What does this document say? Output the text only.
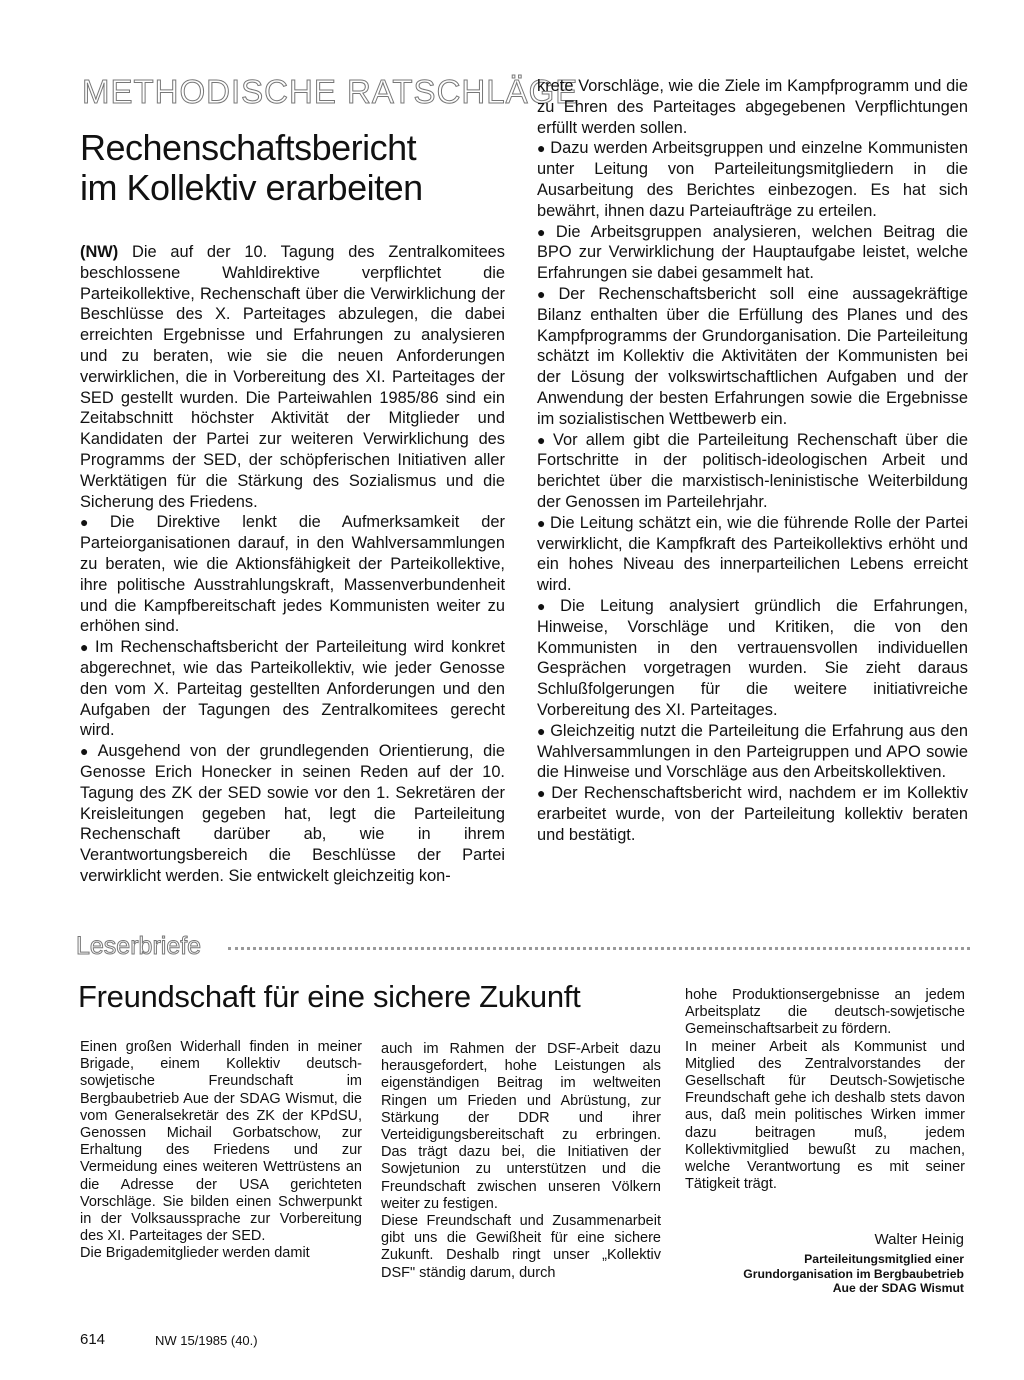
METHODISCHE RATSCHLÄGE
Rechenschaftsbericht
im Kollektiv erarbeiten

(NW) Die auf der 10. Tagung des Zentralkomitees beschlossene Wahldirektive verpflichtet die Parteikollektive, Rechenschaft über die Verwirklichung der Beschlüsse des X. Parteitages abzulegen, die dabei erreichten Ergebnisse und Erfahrungen zu analysieren und zu beraten, wie sie die neuen Anforderungen verwirklichen, die in Vorbereitung des XI. Parteitages der SED gestellt wurden. Die Parteiwahlen 1985/86 sind ein Zeitabschnitt höchster Aktivität der Mitglieder und Kandidaten der Partei zur weiteren Verwirklichung des Programms der SED, der schöpferischen Initiativen aller Werktätigen für die Stärkung des Sozialismus und die Sicherung des Friedens.

● Die Direktive lenkt die Aufmerksamkeit der Parteiorganisationen darauf, in den Wahlversammlungen zu beraten, wie die Aktionsfähigkeit der Parteikollektive, ihre politische Ausstrahlungskraft, Massenverbundenheit und die Kampfbereitschaft jedes Kommunisten weiter zu erhöhen sind.

● Im Rechenschaftsbericht der Parteileitung wird konkret abgerechnet, wie das Parteikollektiv, wie jeder Genosse den vom X. Parteitag gestellten Anforderungen und den Aufgaben der Tagungen des Zentralkomitees gerecht wird.

● Ausgehend von der grundlegenden Orientierung, die Genosse Erich Honecker in seinen Reden auf der 10. Tagung des ZK der SED sowie vor den 1. Sekretären der Kreisleitungen gegeben hat, legt die Parteileitung Rechenschaft darüber ab, wie in ihrem Verantwortungsbereich die Beschlüsse der Partei verwirklicht werden. Sie entwickelt gleichzeitig kon-

krete Vorschläge, wie die Ziele im Kampfprogramm und die zu Ehren des Parteitages abgegebenen Verpflichtungen erfüllt werden sollen.

● Dazu werden Arbeitsgruppen und einzelne Kommunisten unter Leitung von Parteileitungsmitgliedern in die Ausarbeitung des Berichtes einbezogen. Es hat sich bewährt, ihnen dazu Parteiaufträge zu erteilen.

● Die Arbeitsgruppen analysieren, welchen Beitrag die BPO zur Verwirklichung der Hauptaufgabe leistet, welche Erfahrungen sie dabei gesammelt hat.

● Der Rechenschaftsbericht soll eine aussagekräftige Bilanz enthalten über die Erfüllung des Planes und des Kampfprogramms der Grundorganisation. Die Parteileitung schätzt im Kollektiv die Aktivitäten der Kommunisten bei der Lösung der volkswirtschaftlichen Aufgaben und der Anwendung der besten Erfahrungen sowie die Ergebnisse im sozialistischen Wettbewerb ein.

● Vor allem gibt die Parteileitung Rechenschaft über die Fortschritte in der politisch-ideologischen Arbeit und berichtet über die marxistisch-leninistische Weiterbildung der Genossen im Parteilehrjahr.

● Die Leitung schätzt ein, wie die führende Rolle der Partei verwirklicht, die Kampfkraft des Parteikollektivs erhöht und ein hohes Niveau des innerparteilichen Lebens erreicht wird.

● Die Leitung analysiert gründlich die Erfahrungen, Hinweise, Vorschläge und Kritiken, die von den Kommunisten in den vertrauensvollen individuellen Gesprächen vorgetragen wurden. Sie zieht daraus Schlußfolgerungen für die weitere initiativreiche Vorbereitung des XI. Parteitages.

● Gleichzeitig nutzt die Parteileitung die Erfahrung aus den Wahlversammlungen in den Parteigruppen und APO sowie die Hinweise und Vorschläge aus den Arbeitskollektiven.

● Der Rechenschaftsbericht wird, nachdem er im Kollektiv erarbeitet wurde, von der Parteileitung kollektiv beraten und bestätigt.

Leserbriefe
Freundschaft für eine sichere Zukunft

Einen großen Widerhall finden in meiner Brigade, einem Kollektiv deutsch-sowjetische Freundschaft im Bergbaubetrieb Aue der SDAG Wismut, die vom Generalsekretär des ZK der KPdSU, Genossen Michail Gorbatschow, zur Erhaltung des Friedens und zur Vermeidung eines weiteren Wettrüstens an die Adresse der USA gerichteten Vorschläge. Sie bilden einen Schwerpunkt in der Volksaussprache zur Vorbereitung des XI. Parteitages der SED.

Die Brigademitglieder werden damit

auch im Rahmen der DSF-Arbeit dazu herausgefordert, hohe Leistungen als eigenständigen Beitrag im weltweiten Ringen um Frieden und Abrüstung, zur Stärkung der DDR und ihrer Verteidigungsbereitschaft zu erbringen. Das trägt dazu bei, die Initiativen der Sowjetunion zu unterstützen und die Freundschaft zwischen unseren Völkern weiter zu festigen.

Diese Freundschaft und Zusammenarbeit gibt uns die Gewißheit für eine sichere Zukunft. Deshalb ringt unser „Kollektiv DSF" ständig darum, durch

hohe Produktionsergebnisse an jedem Arbeitsplatz die deutsch-sowjetische Gemeinschaftsarbeit zu fördern.

In meiner Arbeit als Kommunist und Mitglied des Zentralvorstandes der Gesellschaft für Deutsch-Sowjetische Freundschaft gehe ich deshalb stets davon aus, daß mein politisches Wirken immer dazu beitragen muß, jedem Kollektivmitglied bewußt zu machen, welche Verantwortung es mit seiner Tätigkeit trägt.

Walter Heinig
Parteileitungsmitglied einer
Grundorganisation im Bergbaubetrieb
Aue der SDAG Wismut
614	NW 15/1985 (40.)
